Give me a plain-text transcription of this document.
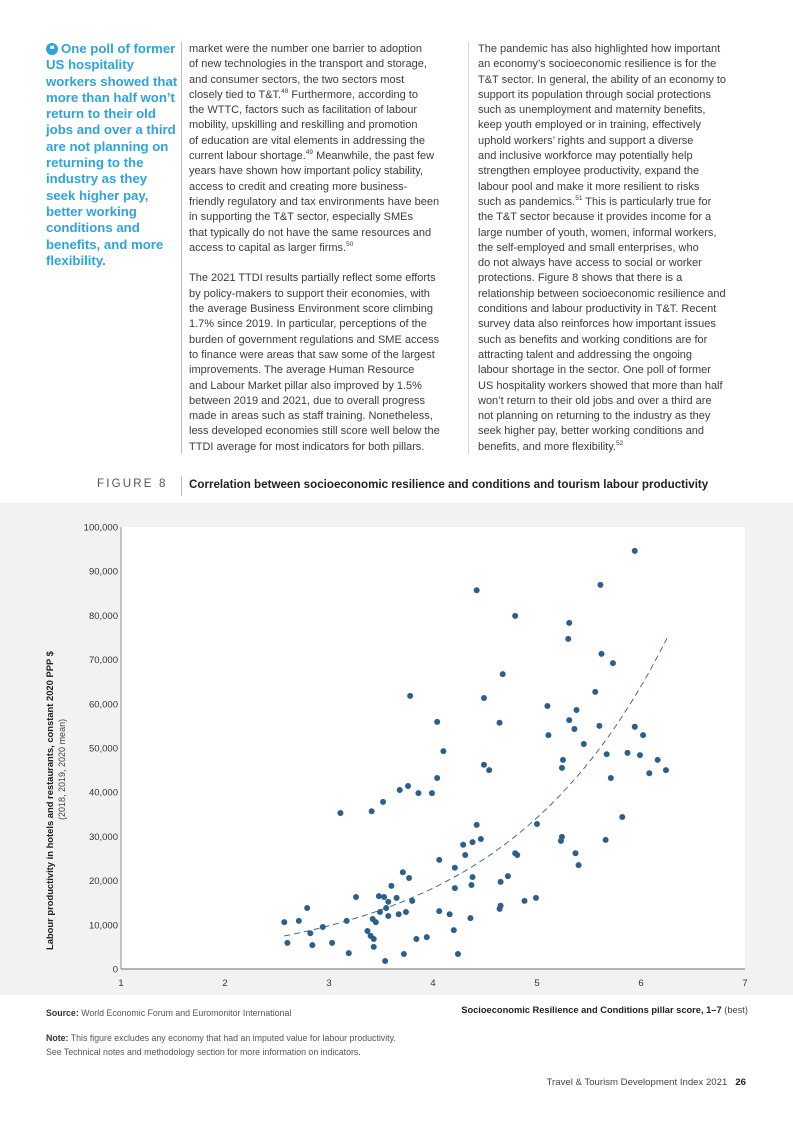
❝ One poll of former US hospitality workers showed that more than half won’t return to their old jobs and over a third are not planning on returning to the industry as they seek higher pay, better working conditions and benefits, and more flexibility.
market were the number one barrier to adoption
of new technologies in the transport and storage,
and consumer sectors, the two sectors most
closely tied to T&T.$^{48}$ Furthermore, according to
the WTTC, factors such as facilitation of labour
mobility, upskilling and reskilling and promotion
of education are vital elements in addressing the
current labour shortage.$^{49}$ Meanwhile, the past few
years have shown how important policy stability,
access to credit and creating more business-
friendly regulatory and tax environments have been
in supporting the T&T sector, especially SMEs
that typically do not have the same resources and
access to capital as larger firms.$^{50}$
The 2021 TTDI results partially reflect some efforts
by policy-makers to support their economies, with
the average Business Environment score climbing
1.7% since 2019. In particular, perceptions of the
burden of government regulations and SME access
to finance were areas that saw some of the largest
improvements. The average Human Resource
and Labour Market pillar also improved by 1.5%
between 2019 and 2021, due to overall progress
made in areas such as staff training. Nonetheless,
less developed economies still score well below the
TTDI average for most indicators for both pillars.
The pandemic has also highlighted how important
an economy’s socioeconomic resilience is for the
T&T sector. In general, the ability of an economy to
support its population through social protections
such as unemployment and maternity benefits,
keep youth employed or in training, effectively
uphold workers’ rights and support a diverse
and inclusive workforce may potentially help
strengthen employee productivity, expand the
labour pool and make it more resilient to risks
such as pandemics.$^{51}$ This is particularly true for
the T&T sector because it provides income for a
large number of youth, women, informal workers,
the self-employed and small enterprises, who
do not always have access to social or worker
protections. Figure 8 shows that there is a
relationship between socioeconomic resilience and
conditions and labour productivity in T&T. Recent
survey data also reinforces how important issues
such as benefits and working conditions are for
attracting talent and addressing the ongoing
labour shortage in the sector. One poll of former
US hospitality workers showed that more than half
won’t return to their old jobs and over a third are
not planning on returning to the industry as they
seek higher pay, better working conditions and
benefits, and more flexibility.$^{52}$
FIGURE 8 Correlation between socioeconomic resilience and conditions and tourism labour productivity
0
10,000
20,000
30,000
40,000
50,000
60,000
70,000
80,000
90,000
100,000
1	2	3	4	5	6	7
Labour productivity in hotels and restaurants, constant 2020 PPP $ (2018, 2019, 2020 mean)
Source: World Economic Forum and Euromonitor International	Socioeconomic Resilience and Conditions pillar score, 1–7 (best)
Note: This figure excludes any economy that had an imputed value for labour productivity.
See Technical notes and methodology section for more information on indicators.
Travel & Tourism Development Index 2021 26
